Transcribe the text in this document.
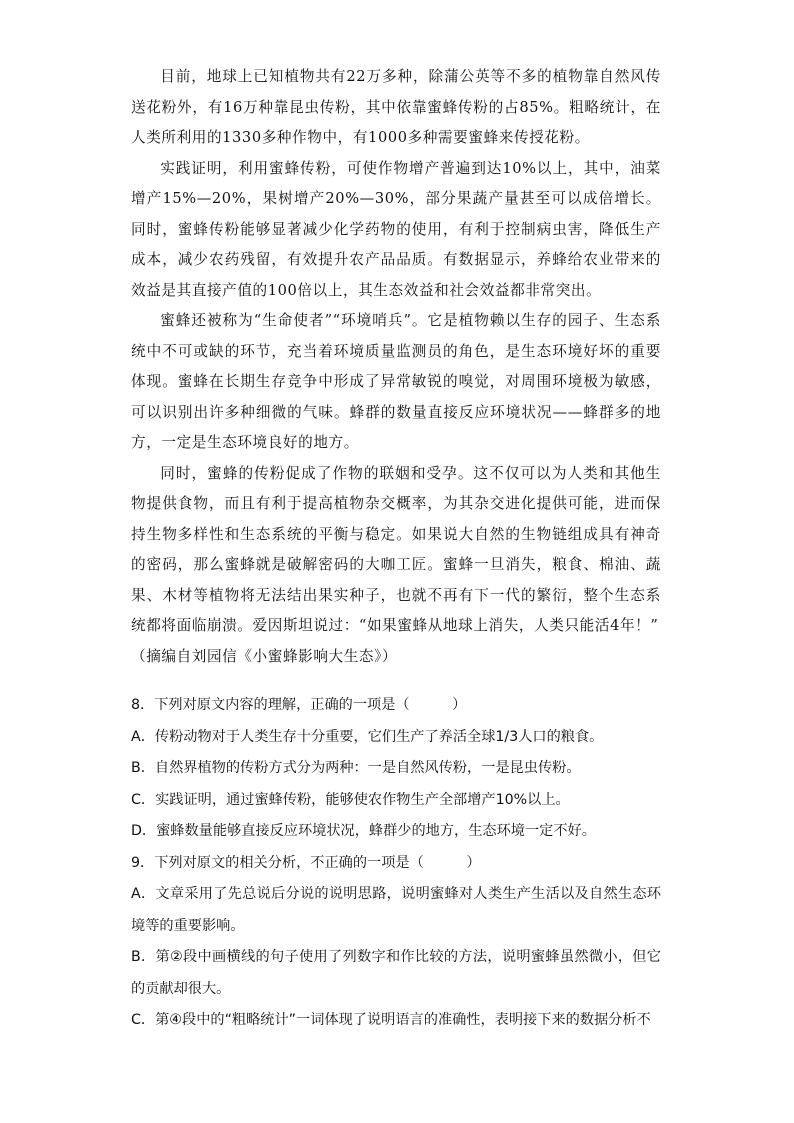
目前，地球上已知植物共有22万多种，除蒲公英等不多的植物靠自然风传送花粉外，有16万种靠昆虫传粉，其中依靠蜜蜂传粉的占85%。粗略统计，在人类所利用的1330多种作物中，有1000多种需要蜜蜂来传授花粉。

实践证明，利用蜜蜂传粉，可使作物增产普遍到达10%以上，其中，油菜增产15%—20%，果树增产20%—30%，部分果蔬产量甚至可以成倍增长。同时，蜜蜂传粉能够显著减少化学药物的使用，有利于控制病虫害，降低生产成本，减少农药残留，有效提升农产品品质。有数据显示，养蜂给农业带来的效益是其直接产值的100倍以上，其生态效益和社会效益都非常突出。

蜜蜂还被称为“生命使者”“环境哨兵”。它是植物赖以生存的园子、生态系统中不可或缺的环节，充当着环境质量监测员的角色，是生态环境好坏的重要体现。蜜蜂在长期生存竞争中形成了异常敏锐的嗅觉，对周围环境极为敏感，可以识别出许多种细微的气味。蜂群的数量直接反应环境状况——蜂群多的地方，一定是生态环境良好的地方。

同时，蜜蜂的传粉促成了作物的联姻和受孕。这不仅可以为人类和其他生物提供食物，而且有利于提高植物杂交概率，为其杂交进化提供可能，进而保持生物多样性和生态系统的平衡与稳定。如果说大自然的生物链组成具有神奇的密码，那么蜜蜂就是破解密码的大咖工匠。蜜蜂一旦消失，粮食、棉油、蔬果、木材等植物将无法结出果实种子，也就不再有下一代的繁衍，整个生态系统都将面临崩溃。爱因斯坦说过：“如果蜜蜂从地球上消失，人类只能活4年！”

（摘编自刘园信《小蜜蜂影响大生态》）

8．下列对原文内容的理解，正确的一项是（　　　）

A．传粉动物对于人类生存十分重要，它们生产了养活全球1/3人口的粮食。

B．自然界植物的传粉方式分为两种：一是自然风传粉，一是昆虫传粉。

C．实践证明，通过蜜蜂传粉，能够使农作物生产全部增产10%以上。

D．蜜蜂数量能够直接反应环境状况，蜂群少的地方，生态环境一定不好。

9．下列对原文的相关分析，不正确的一项是（　　　）

A．文章采用了先总说后分说的说明思路，说明蜜蜂对人类生产生活以及自然生态环境等的重要影响。

B．第②段中画横线的句子使用了列数字和作比较的方法，说明蜜蜂虽然微小，但它的贡献却很大。

C．第④段中的“粗略统计”一词体现了说明语言的准确性，表明接下来的数据分析不
